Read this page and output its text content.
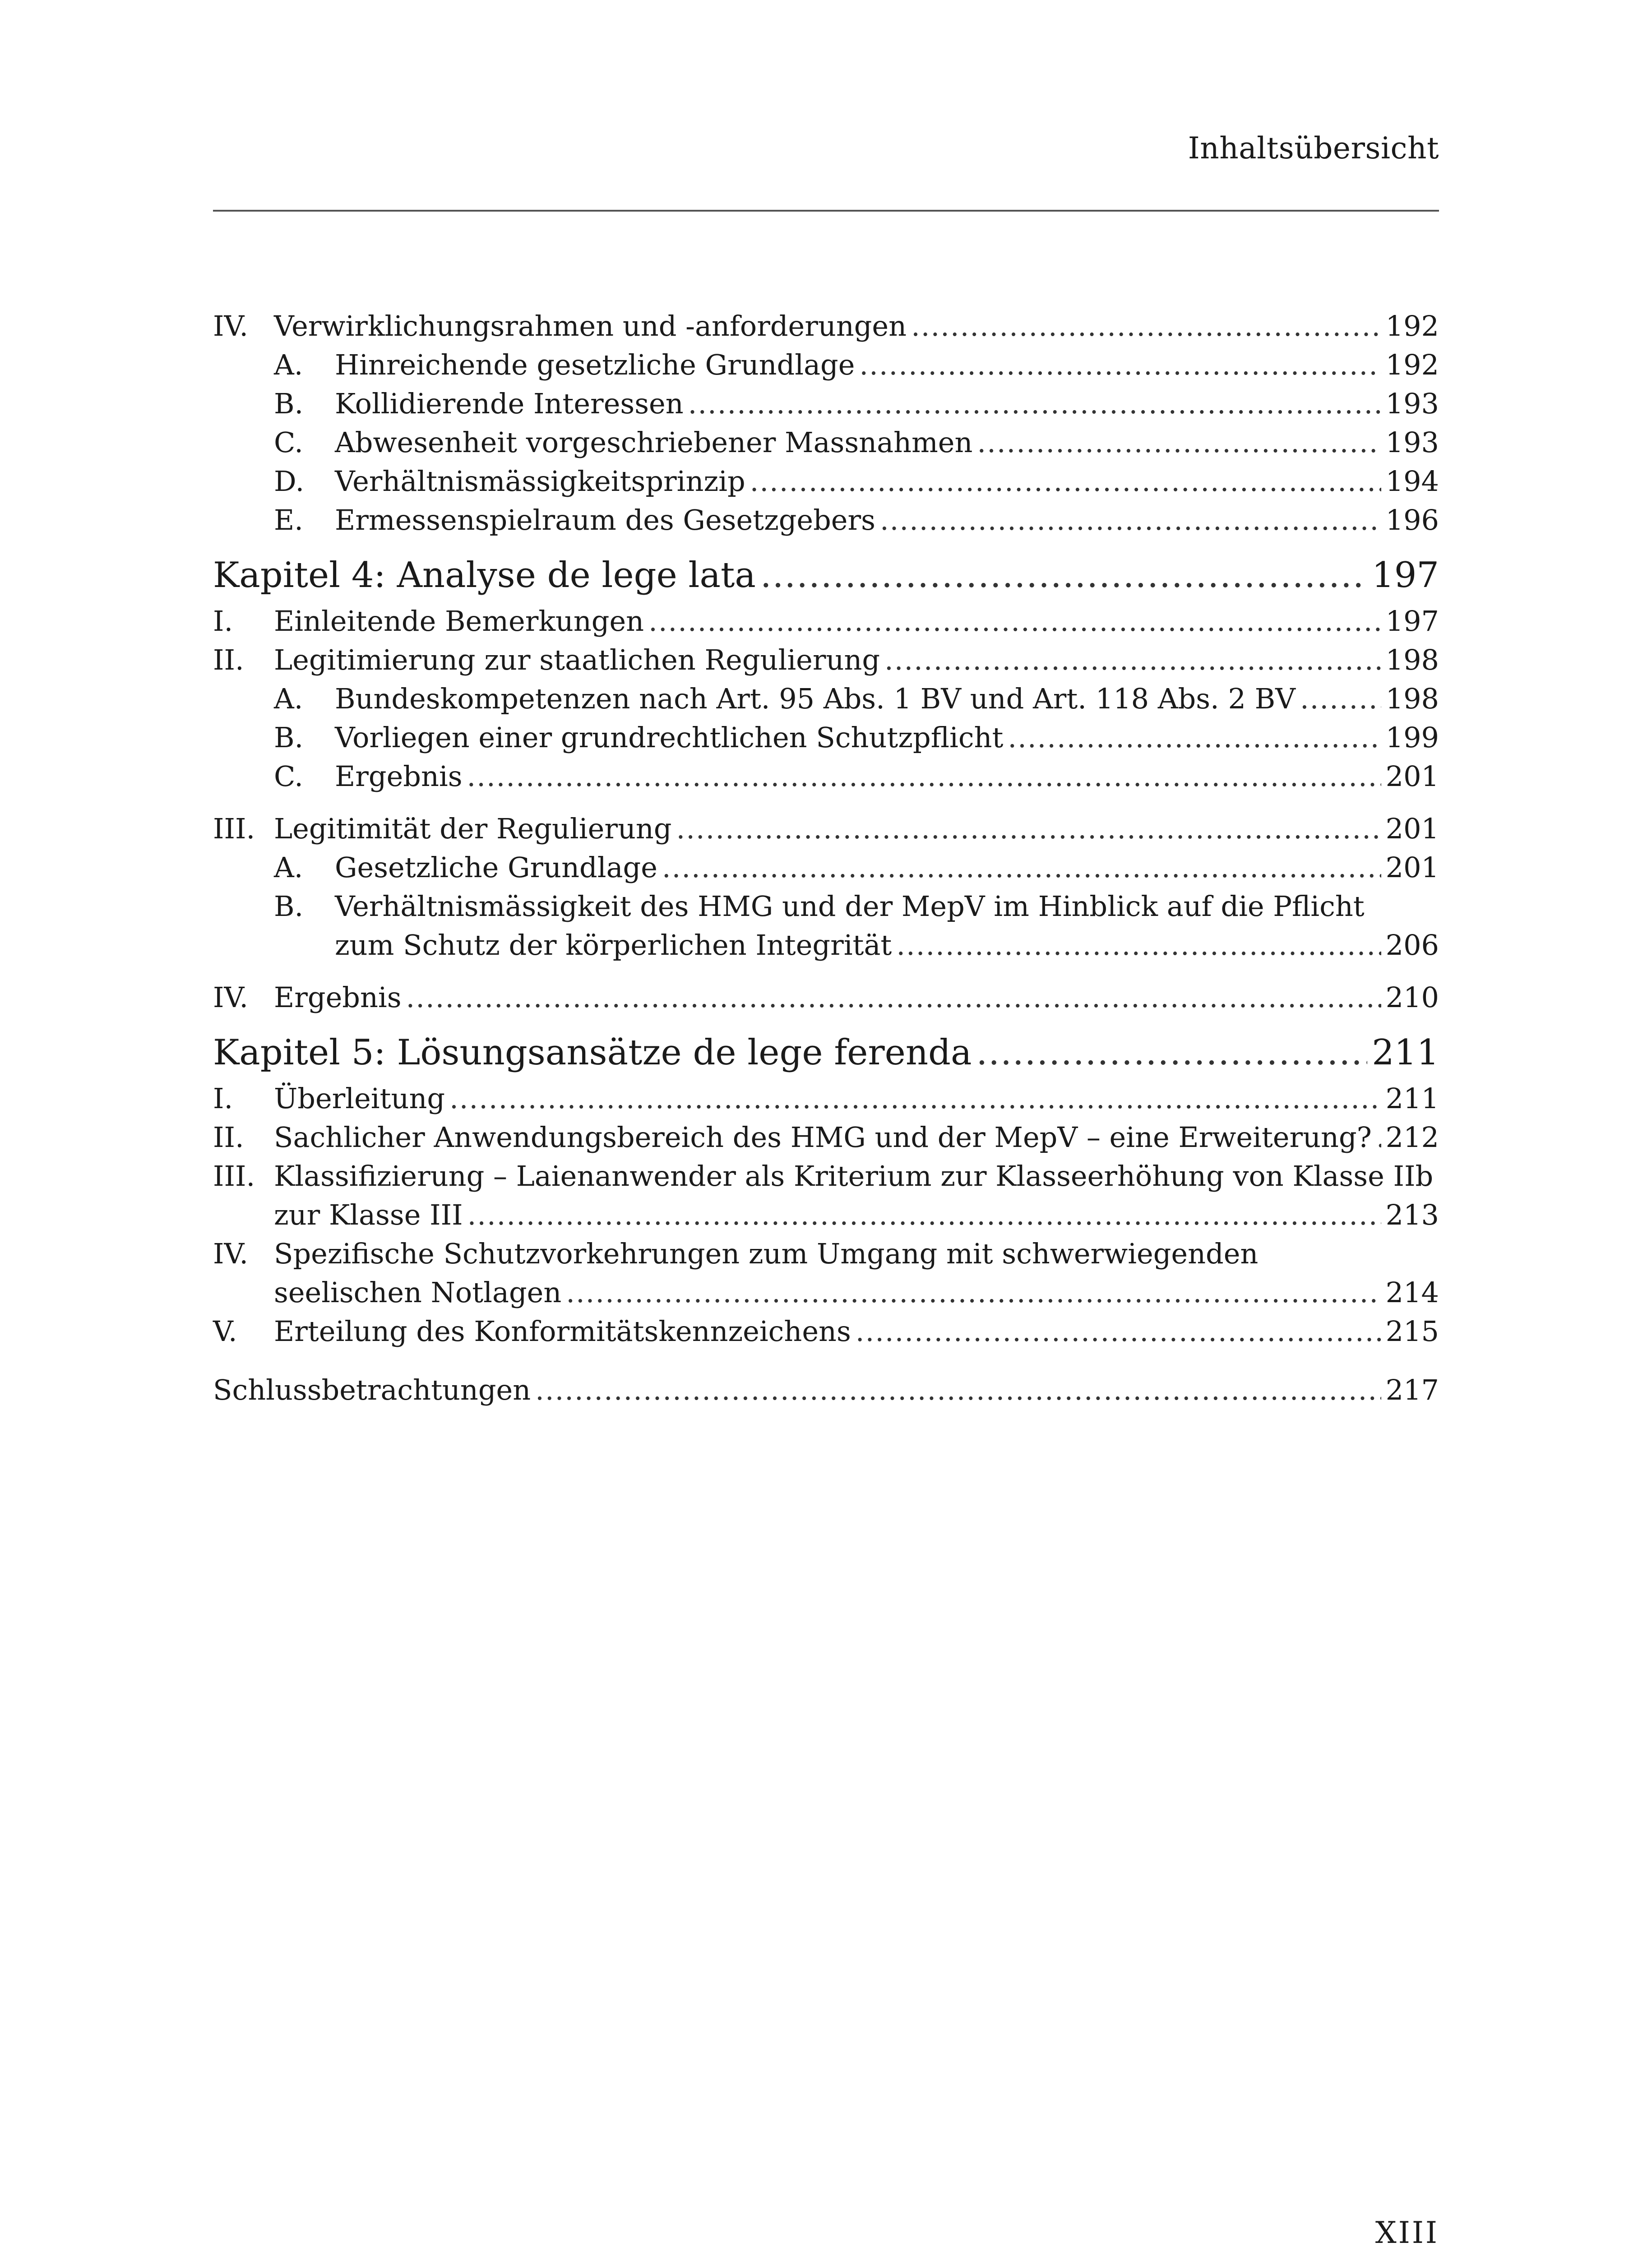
Inhaltsübersicht
IV. Verwirklichungsrahmen und -anforderungen .....	192
A.	Hinreichende gesetzliche Grundlage .....	192
B.	Kollidierende Interessen .....	193
C.	Abwesenheit vorgeschriebener Massnahmen .....	193
D.	Verhältnismässigkeitsprinzip .....	194
E.	Ermessenspielraum des Gesetzgebers .....	196
Kapitel 4: Analyse de lege lata .....	197
I.	Einleitende Bemerkungen .....	197
II.	Legitimierung zur staatlichen Regulierung .....	198
A.	Bundeskompetenzen nach Art. 95 Abs. 1 BV und Art. 118 Abs. 2 BV .....	198
B.	Vorliegen einer grundrechtlichen Schutzpflicht .....	199
C.	Ergebnis .....	201
III. Legitimität der Regulierung .....	201
A.	Gesetzliche Grundlage .....	201
B.	Verhältnismässigkeit des HMG und der MepV im Hinblick auf die Pflicht
zum Schutz der körperlichen Integrität .....	206
IV. Ergebnis .....	210
Kapitel 5: Lösungsansätze de lege ferenda .....	211
I.	Überleitung .....	211
II.	Sachlicher Anwendungsbereich des HMG und der MepV – eine Erweiterung? ..... 212
III. Klassifizierung – Laienanwender als Kriterium zur Klasseerhöhung von Klasse IIb
zur Klasse III .....	213
IV. Spezifische Schutzvorkehrungen zum Umgang mit schwerwiegenden
seelischen Notlagen .....	214
V.	Erteilung des Konformitätskennzeichens .....	215
Schlussbetrachtungen .....	217
XIII
